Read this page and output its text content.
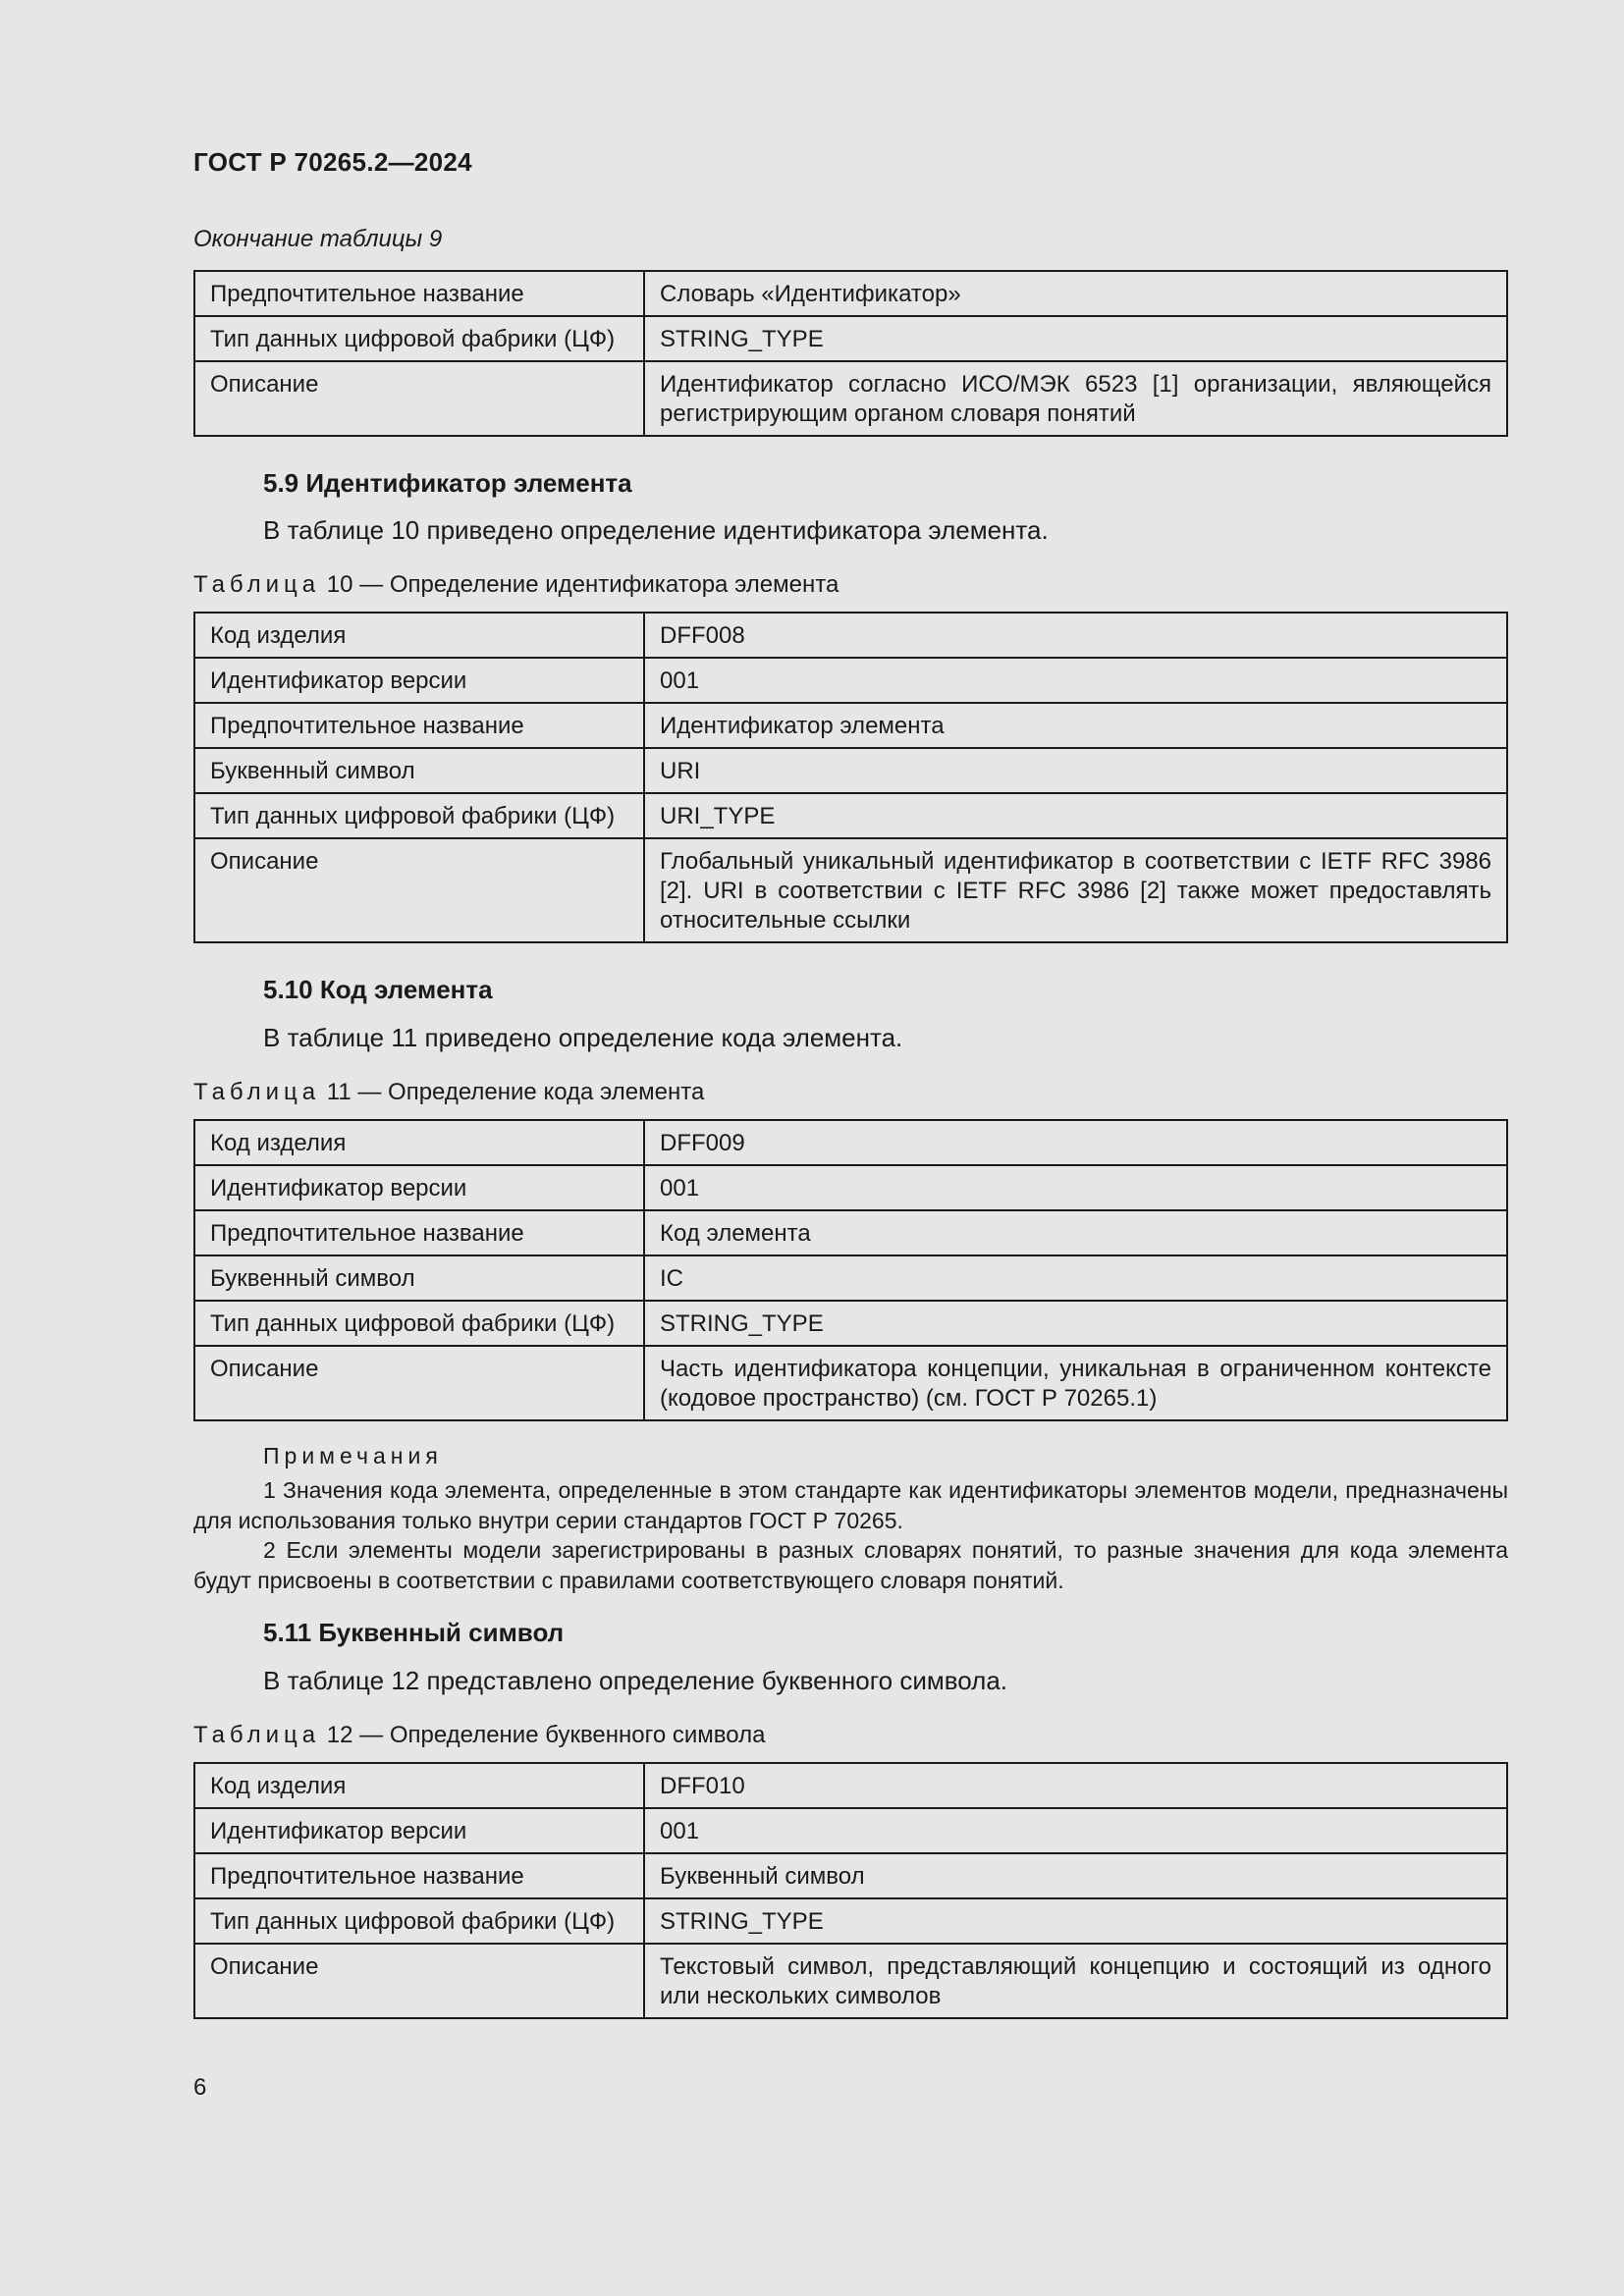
ГОСТ Р 70265.2—2024
Окончание таблицы 9
Предпочтительное название	Словарь «Идентификатор»
Тип данных цифровой фабрики (ЦФ)	STRING_TYPE
Описание	Идентификатор согласно ИСО/МЭК 6523 [1] организации, являющейся регистрирующим органом словаря понятий
5.9 Идентификатор элемента
В таблице 10 приведено определение идентификатора элемента.
Таблица 10 — Определение идентификатора элемента
Код изделия	DFF008
Идентификатор версии	001
Предпочтительное название	Идентификатор элемента
Буквенный символ	URI
Тип данных цифровой фабрики (ЦФ)	URI_TYPE
Описание	Глобальный уникальный идентификатор в соответствии с IETF RFC 3986 [2]. URI в соответствии с IETF RFC 3986 [2] также может предоставлять относительные ссылки
5.10 Код элемента
В таблице 11 приведено определение кода элемента.
Таблица 11 — Определение кода элемента
Код изделия	DFF009
Идентификатор версии	001
Предпочтительное название	Код элемента
Буквенный символ	IC
Тип данных цифровой фабрики (ЦФ)	STRING_TYPE
Описание	Часть идентификатора концепции, уникальная в ограниченном контексте (кодовое пространство) (см. ГОСТ Р 70265.1)
Примечания
1 Значения кода элемента, определенные в этом стандарте как идентификаторы элементов модели, предназначены для использования только внутри серии стандартов ГОСТ Р 70265.
2 Если элементы модели зарегистрированы в разных словарях понятий, то разные значения для кода элемента будут присвоены в соответствии с правилами соответствующего словаря понятий.
5.11 Буквенный символ
В таблице 12 представлено определение буквенного символа.
Таблица 12 — Определение буквенного символа
Код изделия	DFF010
Идентификатор версии	001
Предпочтительное название	Буквенный символ
Тип данных цифровой фабрики (ЦФ)	STRING_TYPE
Описание	Текстовый символ, представляющий концепцию и состоящий из одного или нескольких символов
6
